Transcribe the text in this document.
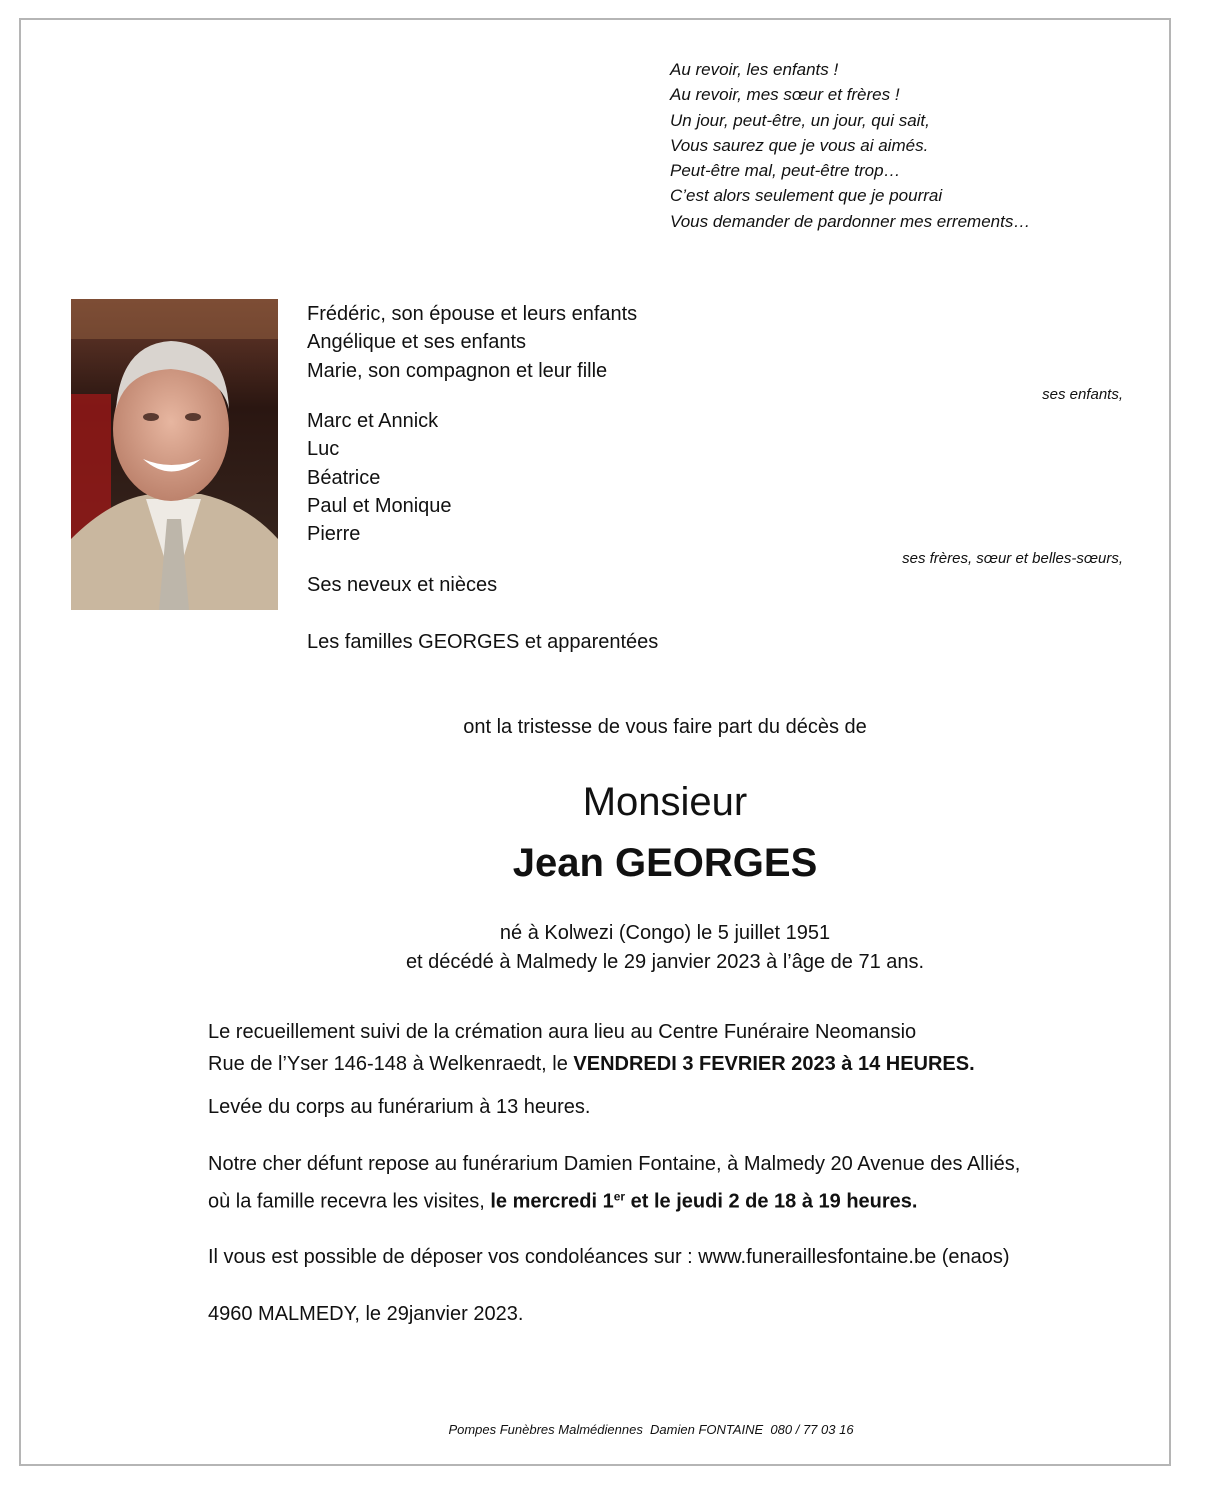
Au revoir, les enfants !
Au revoir, mes sœur et frères !
Un jour, peut-être, un jour, qui sait,
Vous saurez que je vous ai aimés.
Peut-être mal, peut-être trop…
C’est alors seulement que je pourrai
Vous demander de pardonner mes errements…
Frédéric, son épouse et leurs enfants
Angélique et ses enfants
Marie, son compagnon et leur fille
ses enfants,
Marc et Annick
Luc
Béatrice
Paul et Monique
Pierre
ses frères, sœur et belles-sœurs,
Ses neveux et nièces
Les familles GEORGES et apparentées
ont la tristesse de vous faire part du décès de
Monsieur
Jean GEORGES
né à Kolwezi (Congo) le 5 juillet 1951
et décédé à Malmedy le 29 janvier 2023 à l’âge de 71 ans.
Le recueillement suivi de la crémation aura lieu au Centre Funéraire Neomansio
Rue de l’Yser 146-148 à Welkenraedt, le VENDREDI 3 FEVRIER 2023 à 14 HEURES.
Levée du corps au funérarium à 13 heures.
Notre cher défunt repose au funérarium Damien Fontaine, à Malmedy 20 Avenue des Alliés,
où la famille recevra les visites, le mercredi 1er et le jeudi 2 de 18 à 19 heures.
Il vous est possible de déposer vos condoléances sur : www.funeraillesfontaine.be (enaos)
4960 MALMEDY, le 29janvier 2023.
Pompes Funèbres Malmédiennes  Damien FONTAINE  080 / 77 03 16
